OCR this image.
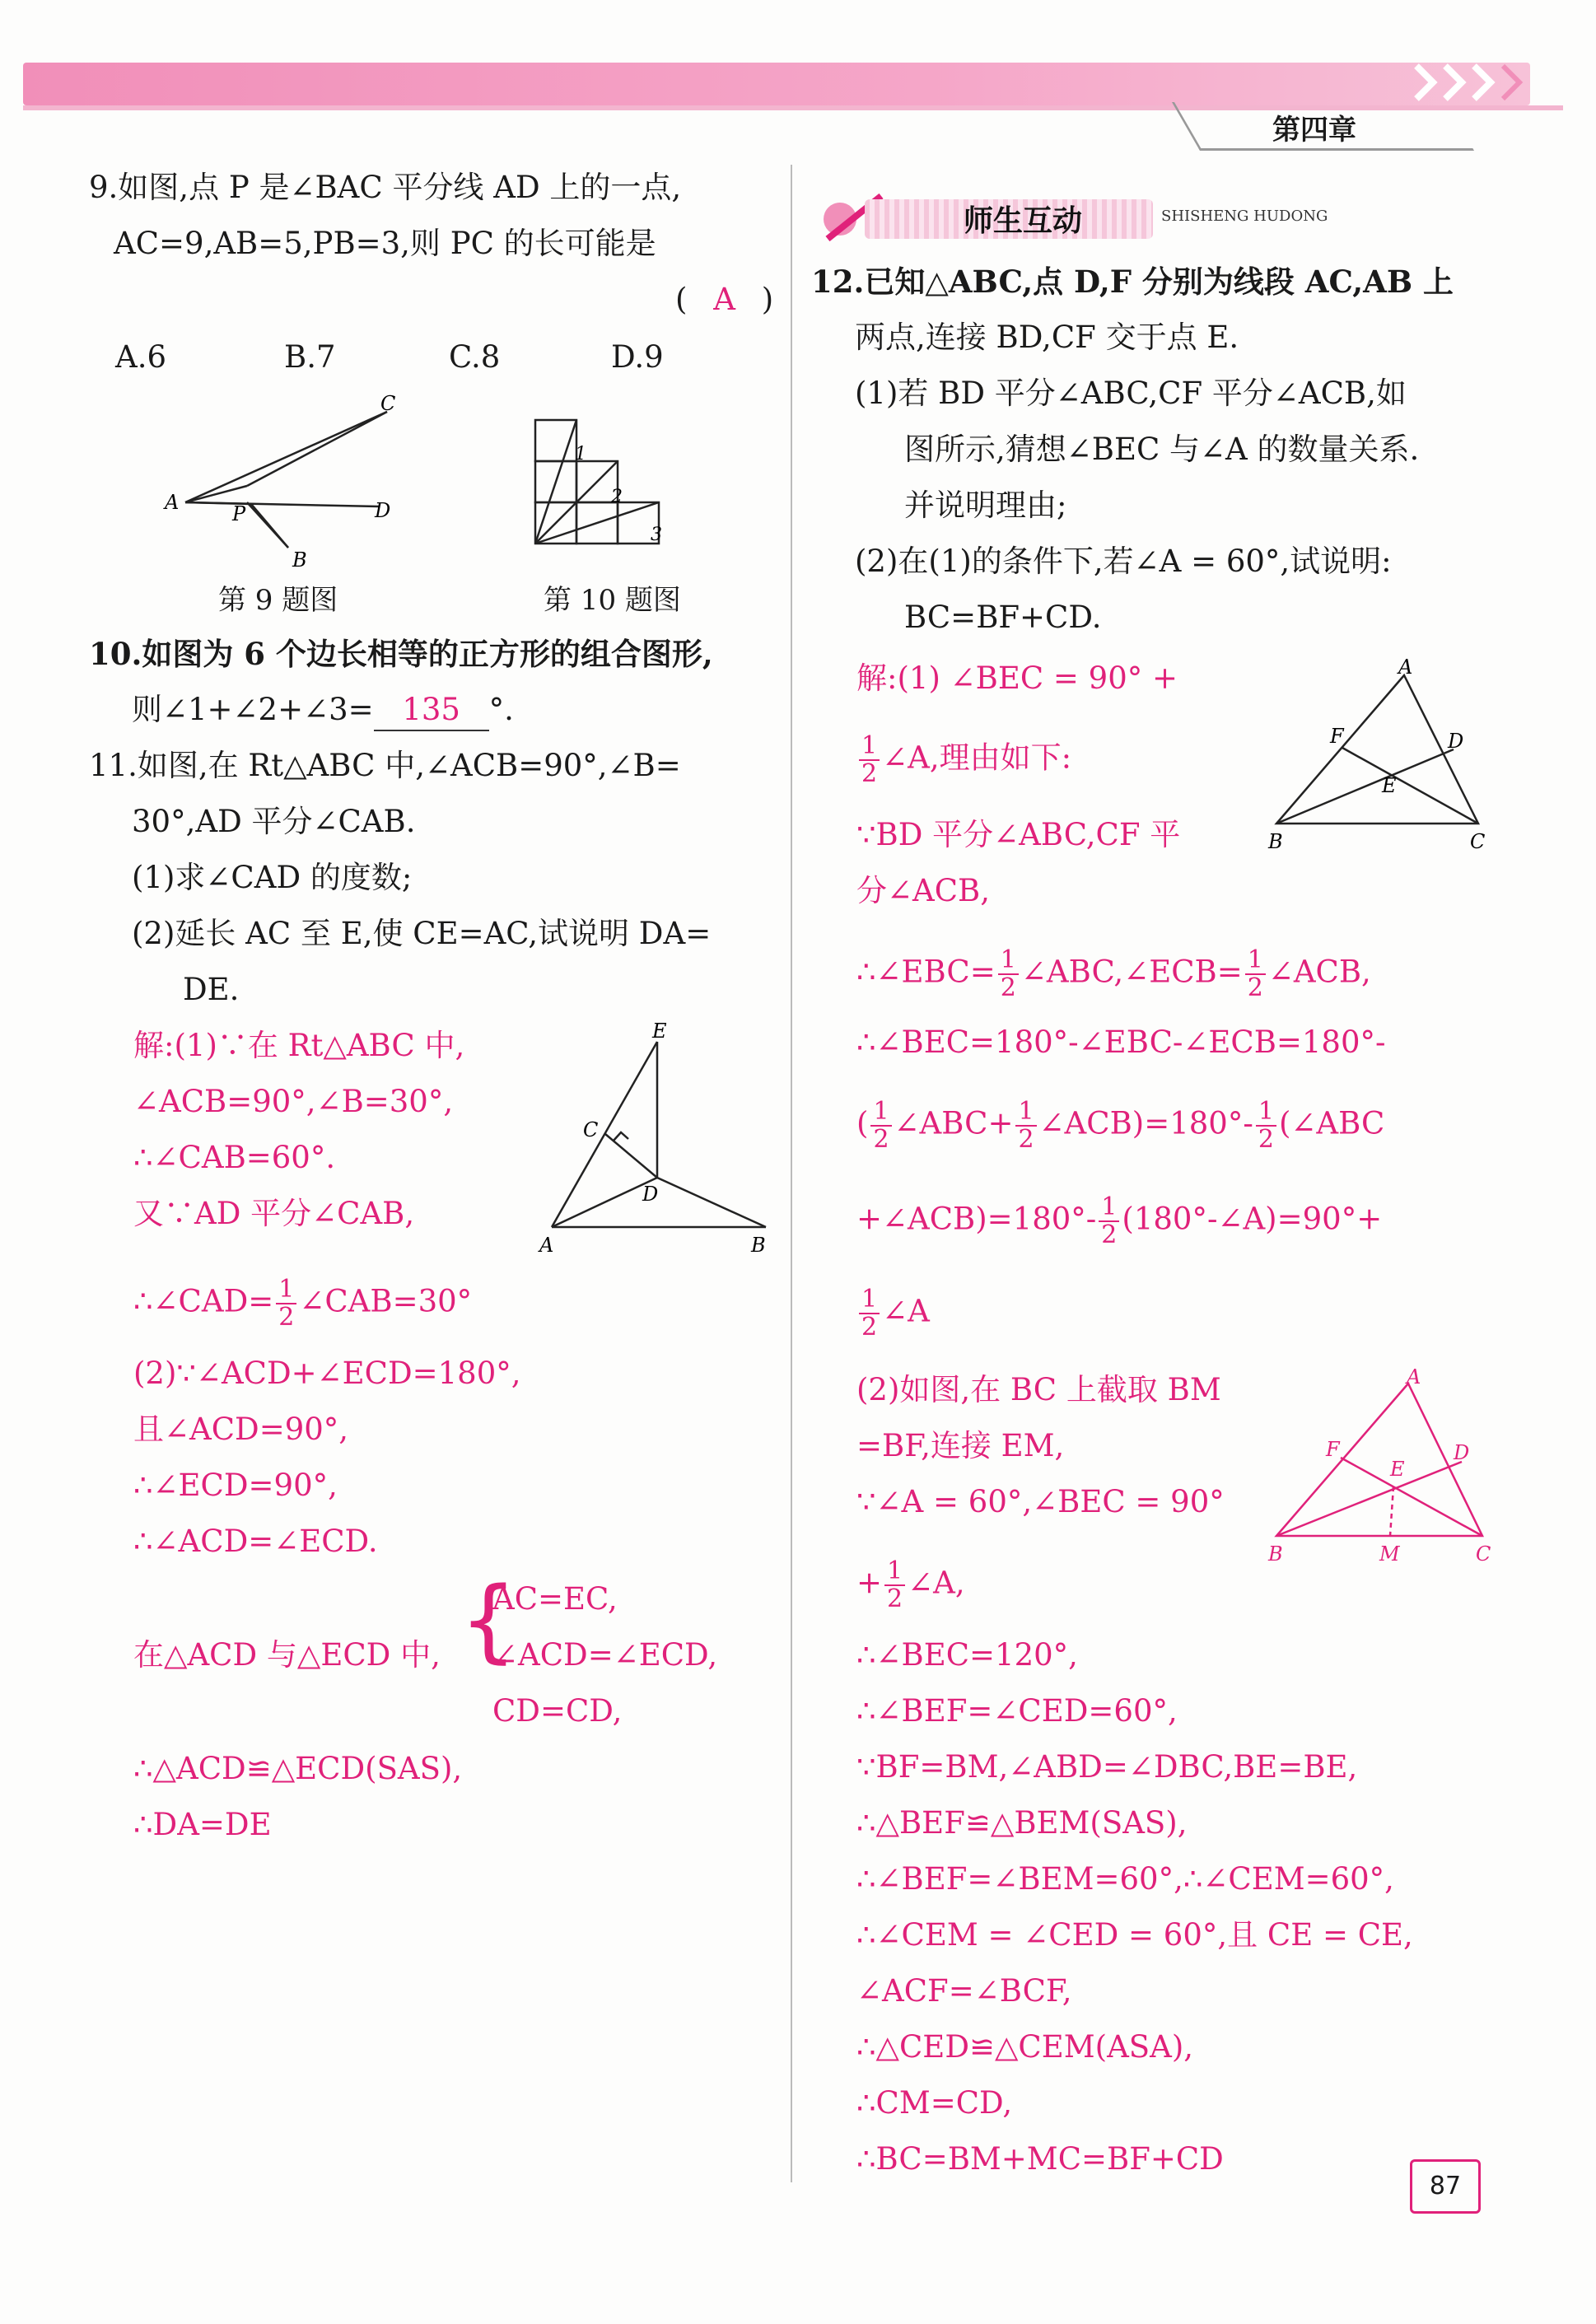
第四章
9.如图,点 P 是∠BAC 平分线 AD 上的一点,
AC=9,AB=5,PB=3,则 PC 的长可能是
( A )
A.6	B.7	C.8	D.9
A
C
D
P
B
第 9 题图
1
2
3
第 10 题图
10.如图为 6 个边长相等的正方形的组合图形,
则∠1+∠2+∠3= 135 °.
11.如图,在 Rt△ABC 中,∠ACB=90°,∠B=
30°,AD 平分∠CAB.
(1)求∠CAD 的度数;
(2)延长 AC 至 E,使 CE=AC,试说明 DA=
DE.
解:(1)∵在 Rt△ABC 中,
∠ACB=90°,∠B=30°,
∴∠CAB=60°.
又∵AD 平分∠CAB,
E
C
D
A	B
∴∠CAD= $\frac{1}{2}$ ∠CAB=30°
(2)∵∠ACD+∠ECD=180°,
且∠ACD=90°,
∴∠ECD=90°,
∴∠ACD=∠ECD.
在△ACD 与△ECD 中, {
AC=EC,
∠ACD=∠ECD,
CD=CD,
∴△ACD≌△ECD(SAS),
∴DA=DE
师生互动	SHISHENG HUDONG
12.已知△ABC,点 D,F 分别为线段 AC,AB 上
两点,连接 BD,CF 交于点 E.
(1)若 BD 平分∠ABC,CF 平分∠ACB,如
图所示,猜想∠BEC 与∠A 的数量关系.
并说明理由;
(2)在(1)的条件下,若∠A = 60°,试说明:
BC=BF+CD.
解:(1) ∠BEC = 90° +
$\frac{1}{2}$ ∠A,理由如下:
A
F	D
E
B	C
∵BD 平分∠ABC,CF 平
分∠ACB,
∴∠EBC= $\frac{1}{2}$ ∠ABC,∠ECB= $\frac{1}{2}$ ∠ACB,
∴∠BEC=180°-∠EBC-∠ECB=180°-
( $\frac{1}{2}$ ∠ABC+ $\frac{1}{2}$ ∠ACB)=180°- $\frac{1}{2}$ (∠ABC
+∠ACB)=180°- $\frac{1}{2}$ (180°-∠A)=90°+
$\frac{1}{2}$ ∠A
(2)如图,在 BC 上截取 BM
=BF,连接 EM,
∵∠A = 60°,∠BEC = 90°
A
F
E
D
B	M	C
+ $\frac{1}{2}$ ∠A,
∴∠BEC=120°,
∴∠BEF=∠CED=60°,
∵BF=BM,∠ABD=∠DBC,BE=BE,
∴△BEF≌△BEM(SAS),
∴∠BEF=∠BEM=60°,∴∠CEM=60°,
∴∠CEM = ∠CED = 60°,且 CE = CE,
∠ACF=∠BCF,
∴△CED≌△CEM(ASA),
∴CM=CD,
∴BC=BM+MC=BF+CD
87
